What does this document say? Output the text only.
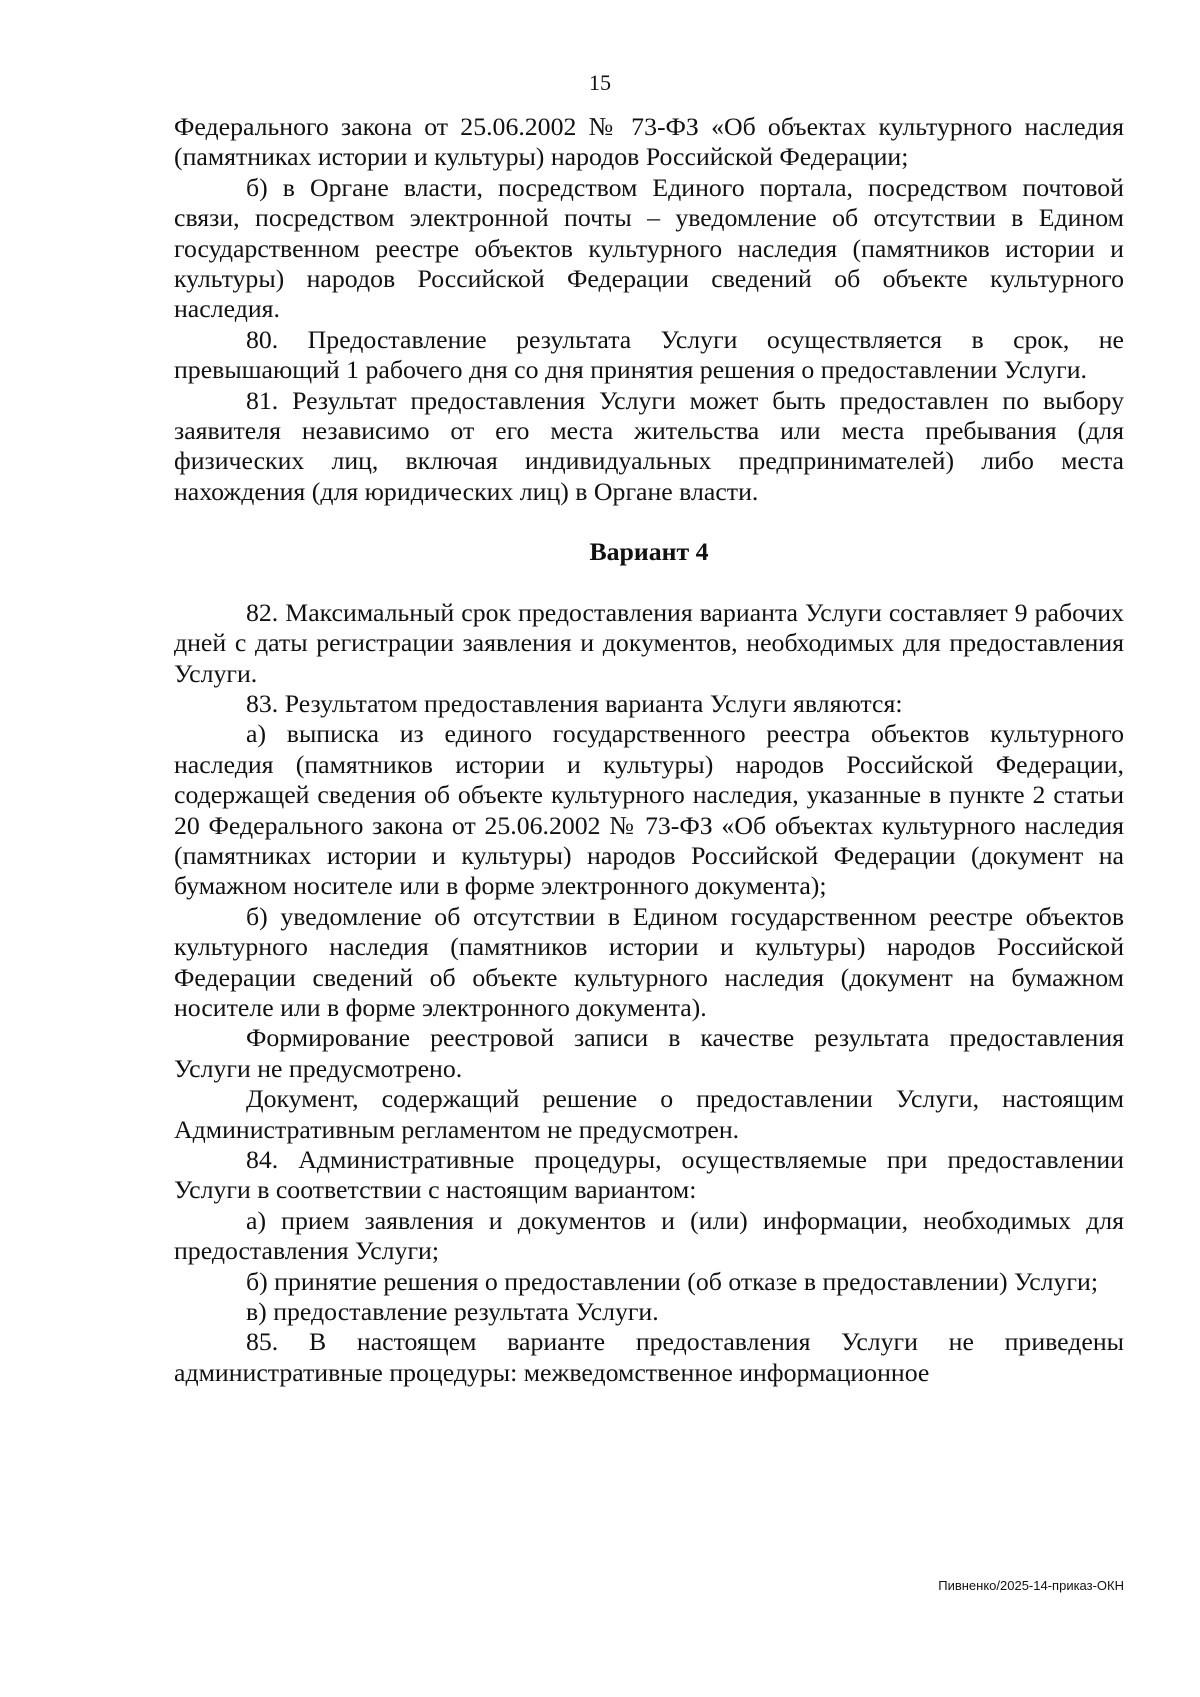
15

Федерального закона от 25.06.2002 № 73-ФЗ «Об объектах культурного наследия (памятниках истории и культуры) народов Российской Федерации;

б) в Органе власти, посредством Единого портала, посредством почтовой связи, посредством электронной почты – уведомление об отсутствии в Едином государственном реестре объектов культурного наследия (памятников истории и культуры) народов Российской Федерации сведений об объекте культурного наследия.

80. Предоставление результата Услуги осуществляется в срок, не превышающий 1 рабочего дня со дня принятия решения о предоставлении Услуги.

81. Результат предоставления Услуги может быть предоставлен по выбору заявителя независимо от его места жительства или места пребывания (для физических лиц, включая индивидуальных предпринимателей) либо места нахождения (для юридических лиц) в Органе власти.

Вариант 4

82. Максимальный срок предоставления варианта Услуги составляет 9 рабочих дней с даты регистрации заявления и документов, необходимых для предоставления Услуги.

83. Результатом предоставления варианта Услуги являются:

а) выписка из единого государственного реестра объектов культурного наследия (памятников истории и культуры) народов Российской Федерации, содержащей сведения об объекте культурного наследия, указанные в пункте 2 статьи 20 Федерального закона от 25.06.2002 № 73-ФЗ «Об объектах культурного наследия (памятниках истории и культуры) народов Российской Федерации (документ на бумажном носителе или в форме электронного документа);

б) уведомление об отсутствии в Едином государственном реестре объектов культурного наследия (памятников истории и культуры) народов Российской Федерации сведений об объекте культурного наследия (документ на бумажном носителе или в форме электронного документа).

Формирование реестровой записи в качестве результата предоставления Услуги не предусмотрено.

Документ, содержащий решение о предоставлении Услуги, настоящим Административным регламентом не предусмотрен.

84. Административные процедуры, осуществляемые при предоставлении Услуги в соответствии с настоящим вариантом:

а) прием заявления и документов и (или) информации, необходимых для предоставления Услуги;

б) принятие решения о предоставлении (об отказе в предоставлении) Услуги;

в) предоставление результата Услуги.

85. В настоящем варианте предоставления Услуги не приведены административные процедуры: межведомственное информационное

Пивненко/2025-14-приказ-ОКН
